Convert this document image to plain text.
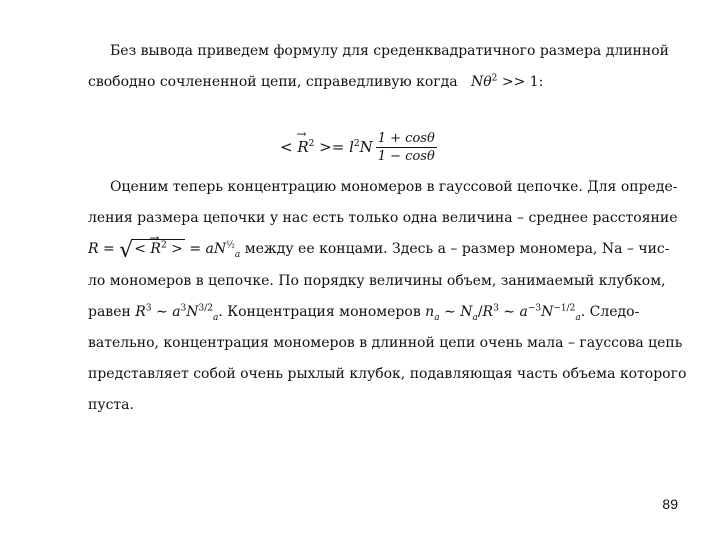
Без вывода приведем формулу для среденквадратичного размера длинной
свободно сочлененной цепи, справедливую когда $N\theta^2 >> 1$:
< → $R^2 >= l^2N \frac{1 + \cos\theta}{1 - \cos\theta}$
Оценим теперь концентрацию мономеров в гауссовой цепочке. Для опреде-
ления размера цепочки у нас есть только одна величина – среднее расстояние
R = √< → $R^2$ > = $aN^{\frac{1}{2}}_a$ между ее концами. Здесь a – размер мономера, Na – чис-
ло мономеров в цепочке. По порядку величины объем, занимаемый клубком,
равен $R^3$ ∼ $a^3N^{3/2}_a$. Концентрация мономеров $n_a$ ∼ $N_a/R^3$ ∼ $a^{-3}N^{-1/2}_a$. Следо-
вательно, концентрация мономеров в длинной цепи очень мала – гауссова цепь
представляет собой очень рыхлый клубок, подавляющая часть объема которого
пуста.
89
